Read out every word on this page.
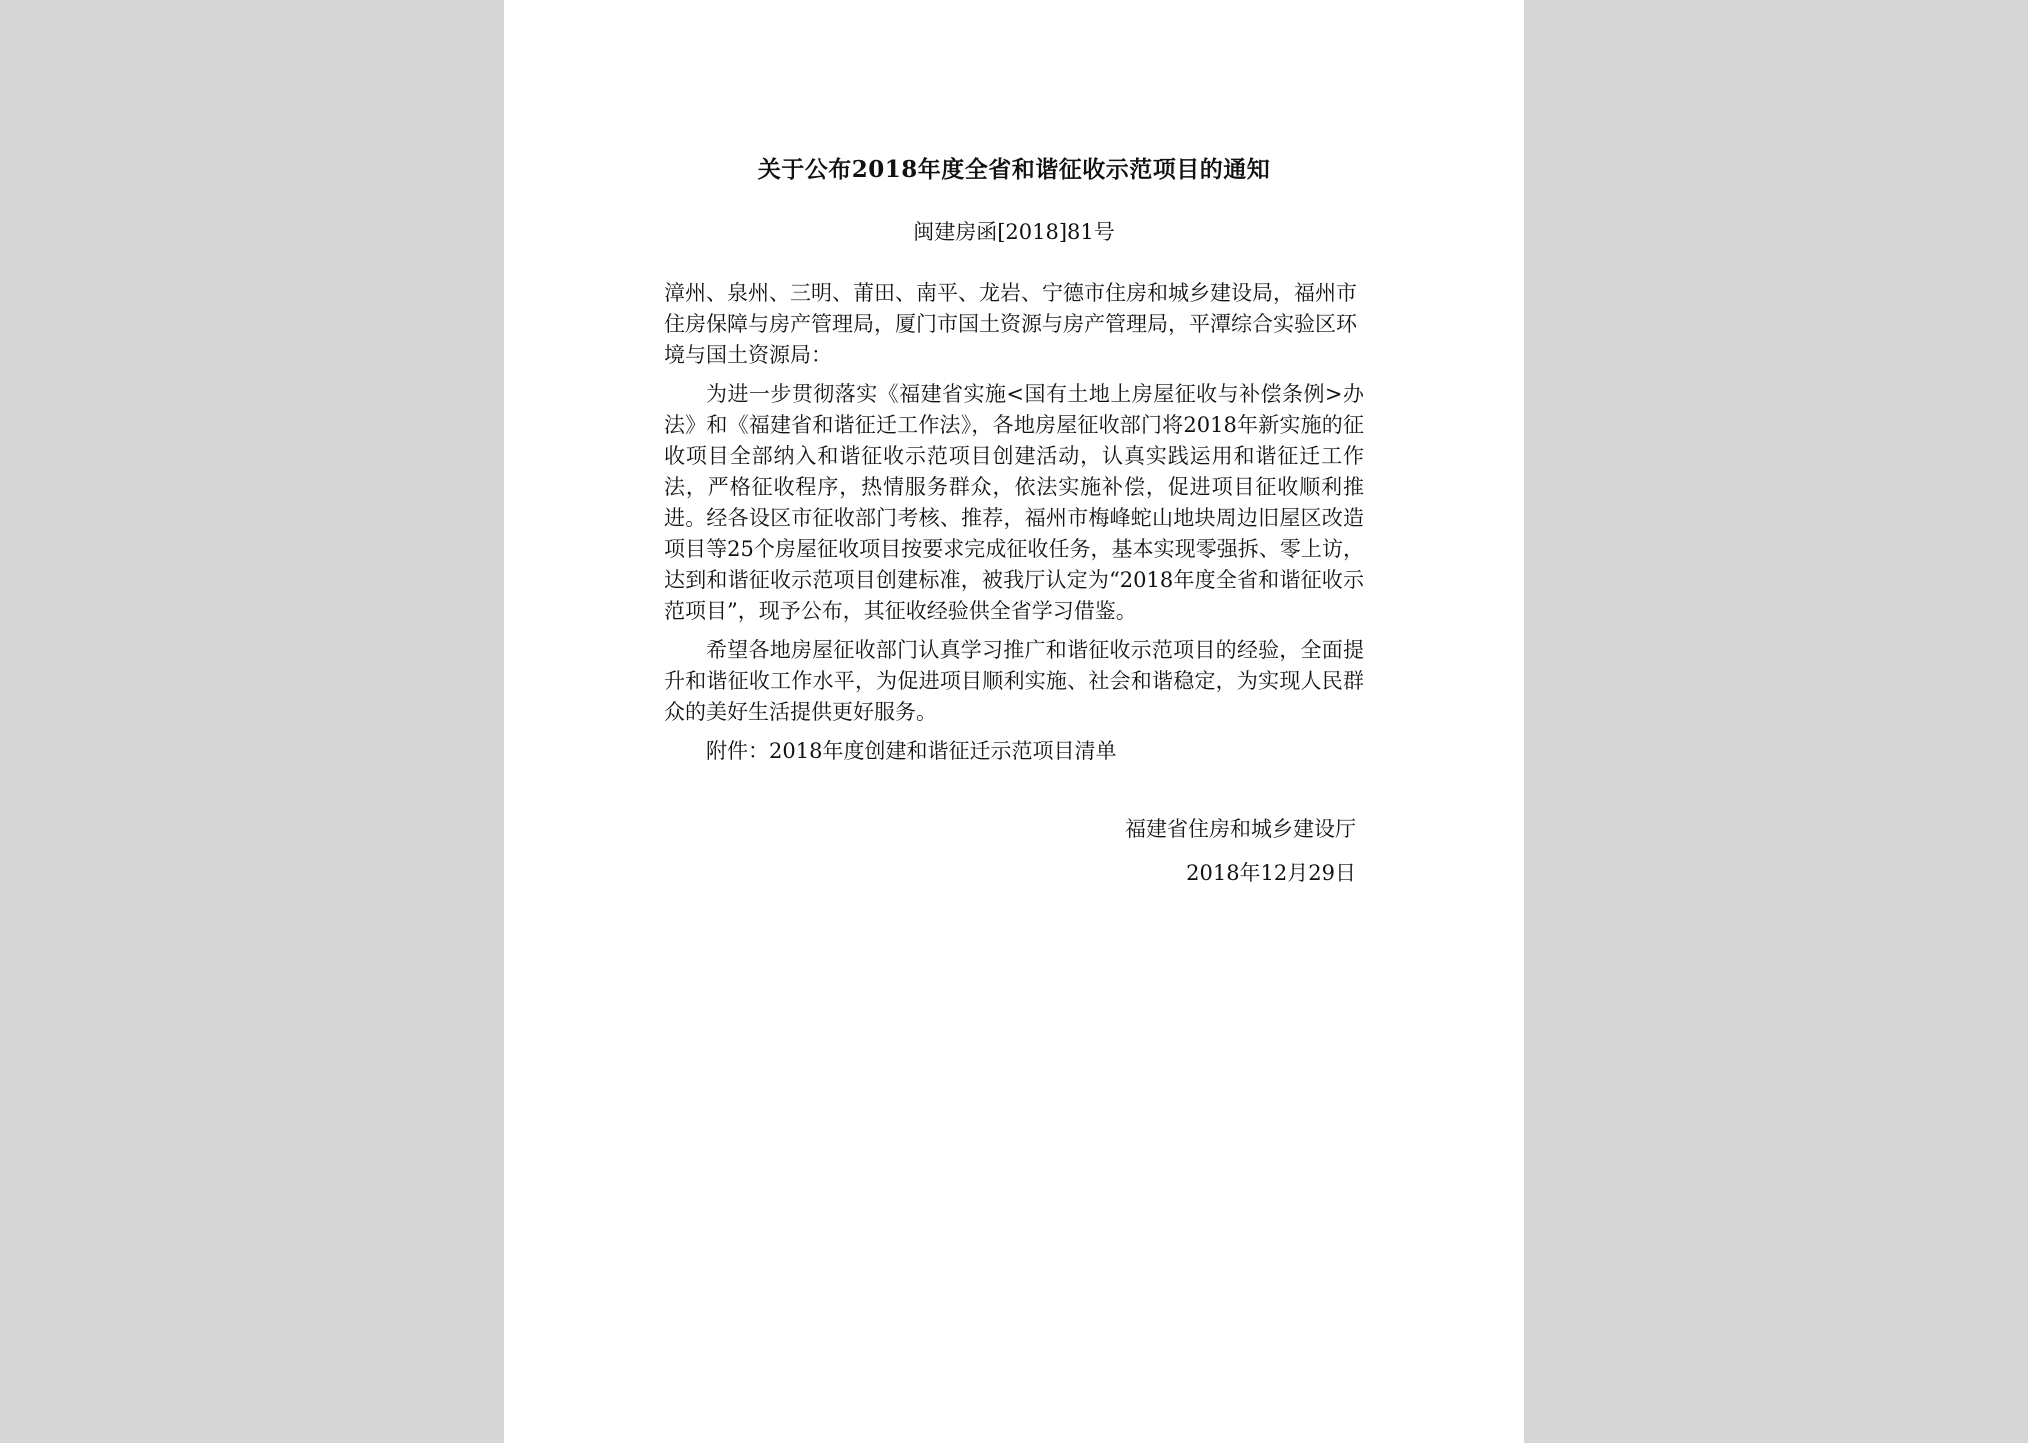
关于公布2018年度全省和谐征收示范项目的通知
闽建房函[2018]81号

漳州、泉州、三明、莆田、南平、龙岩、宁德市住房和城乡建设局，福州市住房保障与房产管理局，厦门市国土资源与房产管理局，平潭综合实验区环境与国土资源局：

为进一步贯彻落实《福建省实施<国有土地上房屋征收与补偿条例>办法》和《福建省和谐征迁工作法》，各地房屋征收部门将2018年新实施的征收项目全部纳入和谐征收示范项目创建活动，认真实践运用和谐征迁工作法，严格征收程序，热情服务群众，依法实施补偿，促进项目征收顺利推进。经各设区市征收部门考核、推荐，福州市梅峰蛇山地块周边旧屋区改造项目等25个房屋征收项目按要求完成征收任务，基本实现零强拆、零上访，达到和谐征收示范项目创建标准，被我厅认定为“2018年度全省和谐征收示范项目”，现予公布，其征收经验供全省学习借鉴。

希望各地房屋征收部门认真学习推广和谐征收示范项目的经验，全面提升和谐征收工作水平，为促进项目顺利实施、社会和谐稳定，为实现人民群众的美好生活提供更好服务。

附件：2018年度创建和谐征迁示范项目清单

福建省住房和城乡建设厅
2018年12月29日
